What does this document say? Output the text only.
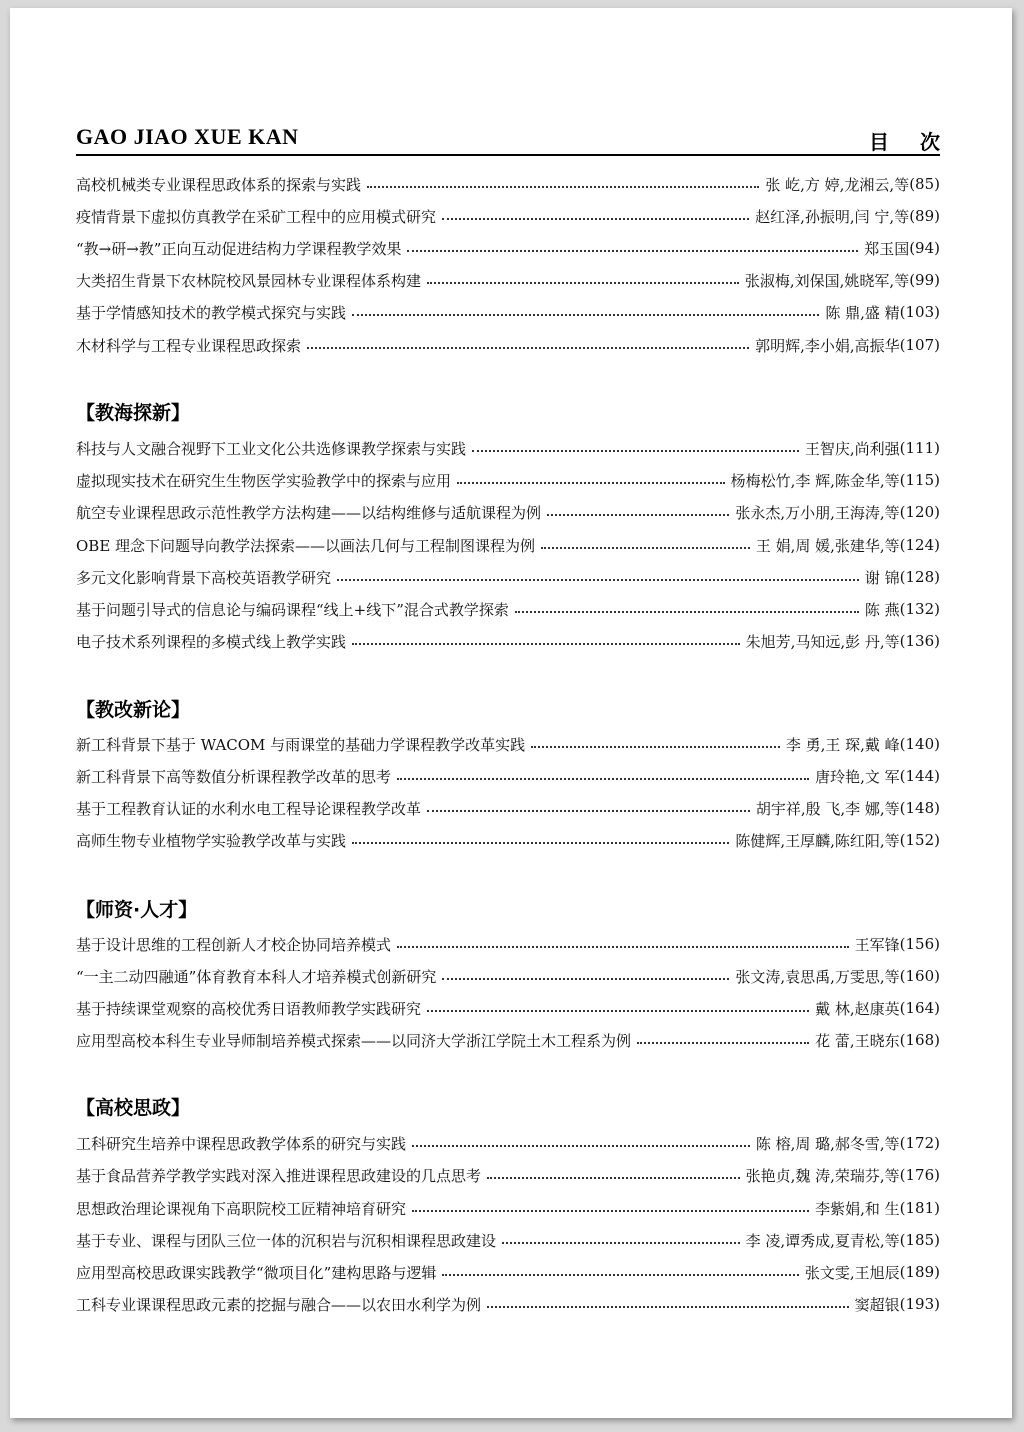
GAO JIAO XUE KAN	目 次
高校机械类专业课程思政体系的探索与实践	张 屹,方 婷,龙湘云,等 (85)
疫情背景下虚拟仿真教学在采矿工程中的应用模式研究	赵红泽,孙振明,闫 宁,等 (89)
“教→研→教”正向互动促进结构力学课程教学效果	郑玉国 (94)
大类招生背景下农林院校风景园林专业课程体系构建	张淑梅,刘保国,姚晓军,等 (99)
基于学情感知技术的教学模式探究与实践	陈 鼎,盛 精 (103)
木材科学与工程专业课程思政探索	郭明辉,李小娟,高振华 (107)
【教海探新】
科技与人文融合视野下工业文化公共选修课教学探索与实践	王智庆,尚利强 (111)
虚拟现实技术在研究生生物医学实验教学中的探索与应用	杨梅松竹,李 辉,陈金华,等 (115)
航空专业课程思政示范性教学方法构建——以结构维修与适航课程为例	张永杰,万小朋,王海涛,等 (120)
OBE 理念下问题导向教学法探索——以画法几何与工程制图课程为例	王 娟,周 媛,张建华,等 (124)
多元文化影响背景下高校英语教学研究	谢 锦 (128)
基于问题引导式的信息论与编码课程“线上+线下”混合式教学探索	陈 燕 (132)
电子技术系列课程的多模式线上教学实践	朱旭芳,马知远,彭 丹,等 (136)
【教改新论】
新工科背景下基于 WACOM 与雨课堂的基础力学课程教学改革实践	李 勇,王 琛,戴 峰 (140)
新工科背景下高等数值分析课程教学改革的思考	唐玲艳,文 军 (144)
基于工程教育认证的水利水电工程导论课程教学改革	胡宇祥,殷 飞,李 娜,等 (148)
高师生物专业植物学实验教学改革与实践	陈健辉,王厚麟,陈红阳,等 (152)
【师资·人才】
基于设计思维的工程创新人才校企协同培养模式	王军锋 (156)
“一主二动四融通”体育教育本科人才培养模式创新研究	张文涛,袁思禹,万雯思,等 (160)
基于持续课堂观察的高校优秀日语教师教学实践研究	戴 林,赵康英 (164)
应用型高校本科生专业导师制培养模式探索——以同济大学浙江学院土木工程系为例	花 蕾,王晓东 (168)
【高校思政】
工科研究生培养中课程思政教学体系的研究与实践	陈 榕,周 璐,郝冬雪,等 (172)
基于食品营养学教学实践对深入推进课程思政建设的几点思考	张艳贞,魏 涛,荣瑞芬,等 (176)
思想政治理论课视角下高职院校工匠精神培育研究	李紫娟,和 生 (181)
基于专业、课程与团队三位一体的沉积岩与沉积相课程思政建设	李 凌,谭秀成,夏青松,等 (185)
应用型高校思政课实践教学“微项目化”建构思路与逻辑	张文雯,王旭辰 (189)
工科专业课课程思政元素的挖掘与融合——以农田水利学为例	窦超银 (193)
